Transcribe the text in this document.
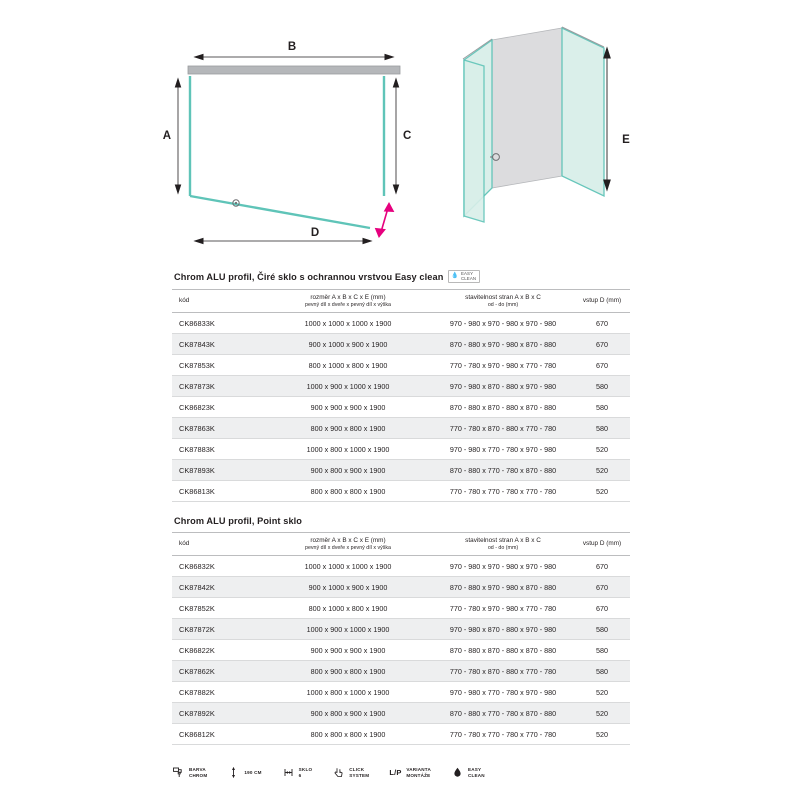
A
B
C
D
E
Chrom ALU profil, Čiré sklo s ochrannou vrstvou Easy clean 💧 EASY
CLEAN
kód	rozměr A x B x C x E (mm)
pevný díl x dveře x pevný díl x výška	stavitelnost stran A x B x C
od - do (mm)	vstup D (mm)
CK86833K	1000 x 1000 x 1000 x 1900	970 - 980 x 970 - 980 x 970 - 980	670
CK87843K	900 x 1000 x 900 x 1900	870 - 880 x 970 - 980 x 870 - 880	670
CK87853K	800 x 1000 x 800 x 1900	770 - 780 x 970 - 980 x 770 - 780	670
CK87873K	1000 x 900 x 1000 x 1900	970 - 980 x 870 - 880 x 970 - 980	580
CK86823K	900 x 900 x 900 x 1900	870 - 880 x 870 - 880 x 870 - 880	580
CK87863K	800 x 900 x 800 x 1900	770 - 780 x 870 - 880 x 770 - 780	580
CK87883K	1000 x 800 x 1000 x 1900	970 - 980 x 770 - 780 x 970 - 980	520
CK87893K	900 x 800 x 900 x 1900	870 - 880 x 770 - 780 x 870 - 880	520
CK86813K	800 x 800 x 800 x 1900	770 - 780 x 770 - 780 x 770 - 780	520
Chrom ALU profil, Point sklo
kód	rozměr A x B x C x E (mm)
pevný díl x dveře x pevný díl x výška	stavitelnost stran A x B x C
od - do (mm)	vstup D (mm)
CK86832K	1000 x 1000 x 1000 x 1900	970 - 980 x 970 - 980 x 970 - 980	670
CK87842K	900 x 1000 x 900 x 1900	870 - 880 x 970 - 980 x 870 - 880	670
CK87852K	800 x 1000 x 800 x 1900	770 - 780 x 970 - 980 x 770 - 780	670
CK87872K	1000 x 900 x 1000 x 1900	970 - 980 x 870 - 880 x 970 - 980	580
CK86822K	900 x 900 x 900 x 1900	870 - 880 x 870 - 880 x 870 - 880	580
CK87862K	800 x 900 x 800 x 1900	770 - 780 x 870 - 880 x 770 - 780	580
CK87882K	1000 x 800 x 1000 x 1900	970 - 980 x 770 - 780 x 970 - 980	520
CK87892K	900 x 800 x 900 x 1900	870 - 880 x 770 - 780 x 870 - 880	520
CK86812K	800 x 800 x 800 x 1900	770 - 780 x 770 - 780 x 770 - 780	520
BARVA
CHROM
190 CM
SKLO
6
CLICK
SYSTEM	L/P VARIANTA
MONTÁŽE
EASY
CLEAN
